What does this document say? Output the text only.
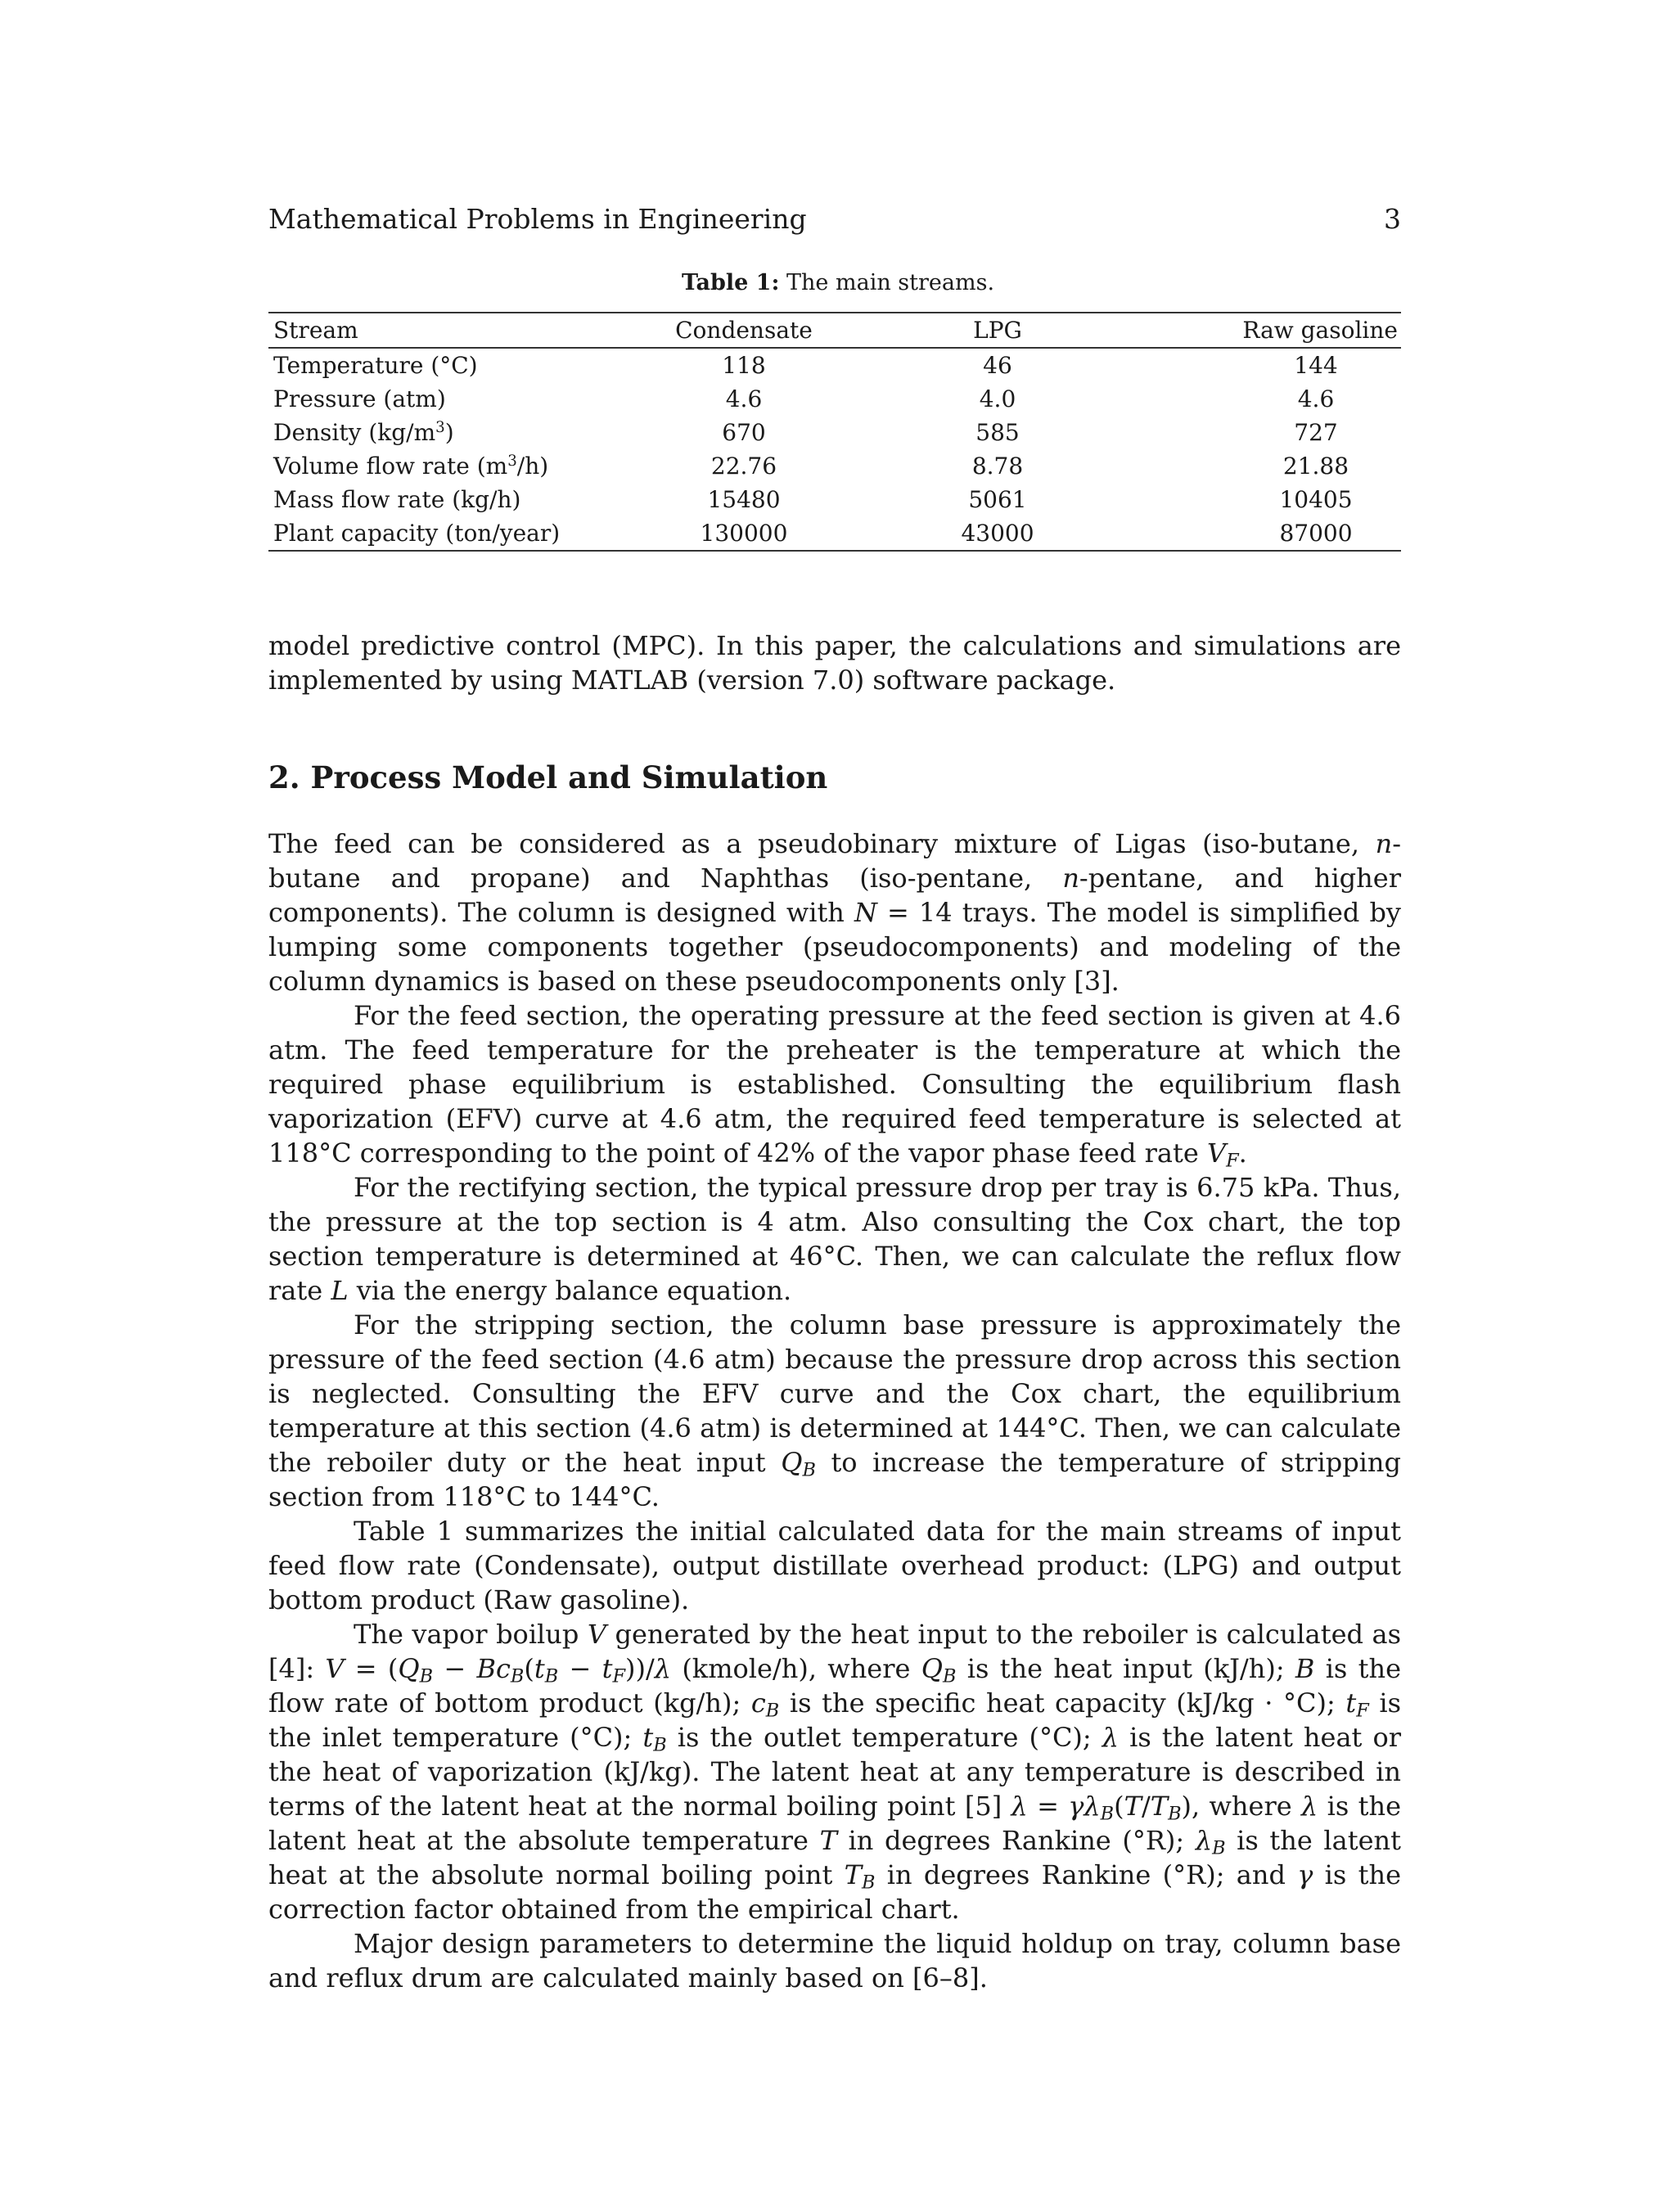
Mathematical Problems in Engineering	3
Table 1: The main streams.
Stream	Condensate	LPG	Raw gasoline
Temperature (°C)	118	46	144
Pressure (atm)	4.6	4.0	4.6
Density $(kg/m^3)$	670	585	727
Volume flow rate $(m^3/h)$	22.76	8.78	21.88
Mass flow rate (kg/h)	15480	5061	10405
Plant capacity (ton/year)	130000	43000	87000

model predictive control (MPC). In this paper, the calculations and simulations are implemented by using MATLAB (version 7.0) software package.

2. Process Model and Simulation

The feed can be considered as a pseudobinary mixture of Ligas (iso-butane, n-butane and propane) and Naphthas (iso-pentane, n-pentane, and higher components). The column is designed with N = 14 trays. The model is simplified by lumping some components together (pseudocomponents) and modeling of the column dynamics is based on these pseudocomponents only [3].

For the feed section, the operating pressure at the feed section is given at 4.6 atm. The feed temperature for the preheater is the temperature at which the required phase equilibrium is established. Consulting the equilibrium flash vaporization (EFV) curve at 4.6 atm, the required feed temperature is selected at 118°C corresponding to the point of 42% of the vapor phase feed rate $V_F$.

For the rectifying section, the typical pressure drop per tray is 6.75 kPa. Thus, the pressure at the top section is 4 atm. Also consulting the Cox chart, the top section temperature is determined at 46°C. Then, we can calculate the reflux flow rate L via the energy balance equation.

For the stripping section, the column base pressure is approximately the pressure of the feed section (4.6 atm) because the pressure drop across this section is neglected. Consulting the EFV curve and the Cox chart, the equilibrium temperature at this section (4.6 atm) is determined at 144°C. Then, we can calculate the reboiler duty or the heat input $Q_B$ to increase the temperature of stripping section from 118°C to 144°C.

Table 1 summarizes the initial calculated data for the main streams of input feed flow rate (Condensate), output distillate overhead product: (LPG) and output bottom product (Raw gasoline).

The vapor boilup V generated by the heat input to the reboiler is calculated as [4]: $V = (Q_B - Bc_B(t_B - t_F))/\lambda$ (kmole/h), where $Q_B$ is the heat input (kJ/h); B is the flow rate of bottom product (kg/h); $c_B$ is the specific heat capacity (kJ/kg · °C); $t_F$ is the inlet temperature (°C); $t_B$ is the outlet temperature (°C); λ is the latent heat or the heat of vaporization (kJ/kg). The latent heat at any temperature is described in terms of the latent heat at the normal boiling point [5] $\lambda = \gamma\lambda_B(T/T_B)$, where λ is the latent heat at the absolute temperature T in degrees Rankine (°R); $\lambda_B$ is the latent heat at the absolute normal boiling point $T_B$ in degrees Rankine (°R); and γ is the correction factor obtained from the empirical chart.

Major design parameters to determine the liquid holdup on tray, column base and reflux drum are calculated mainly based on [6–8].
